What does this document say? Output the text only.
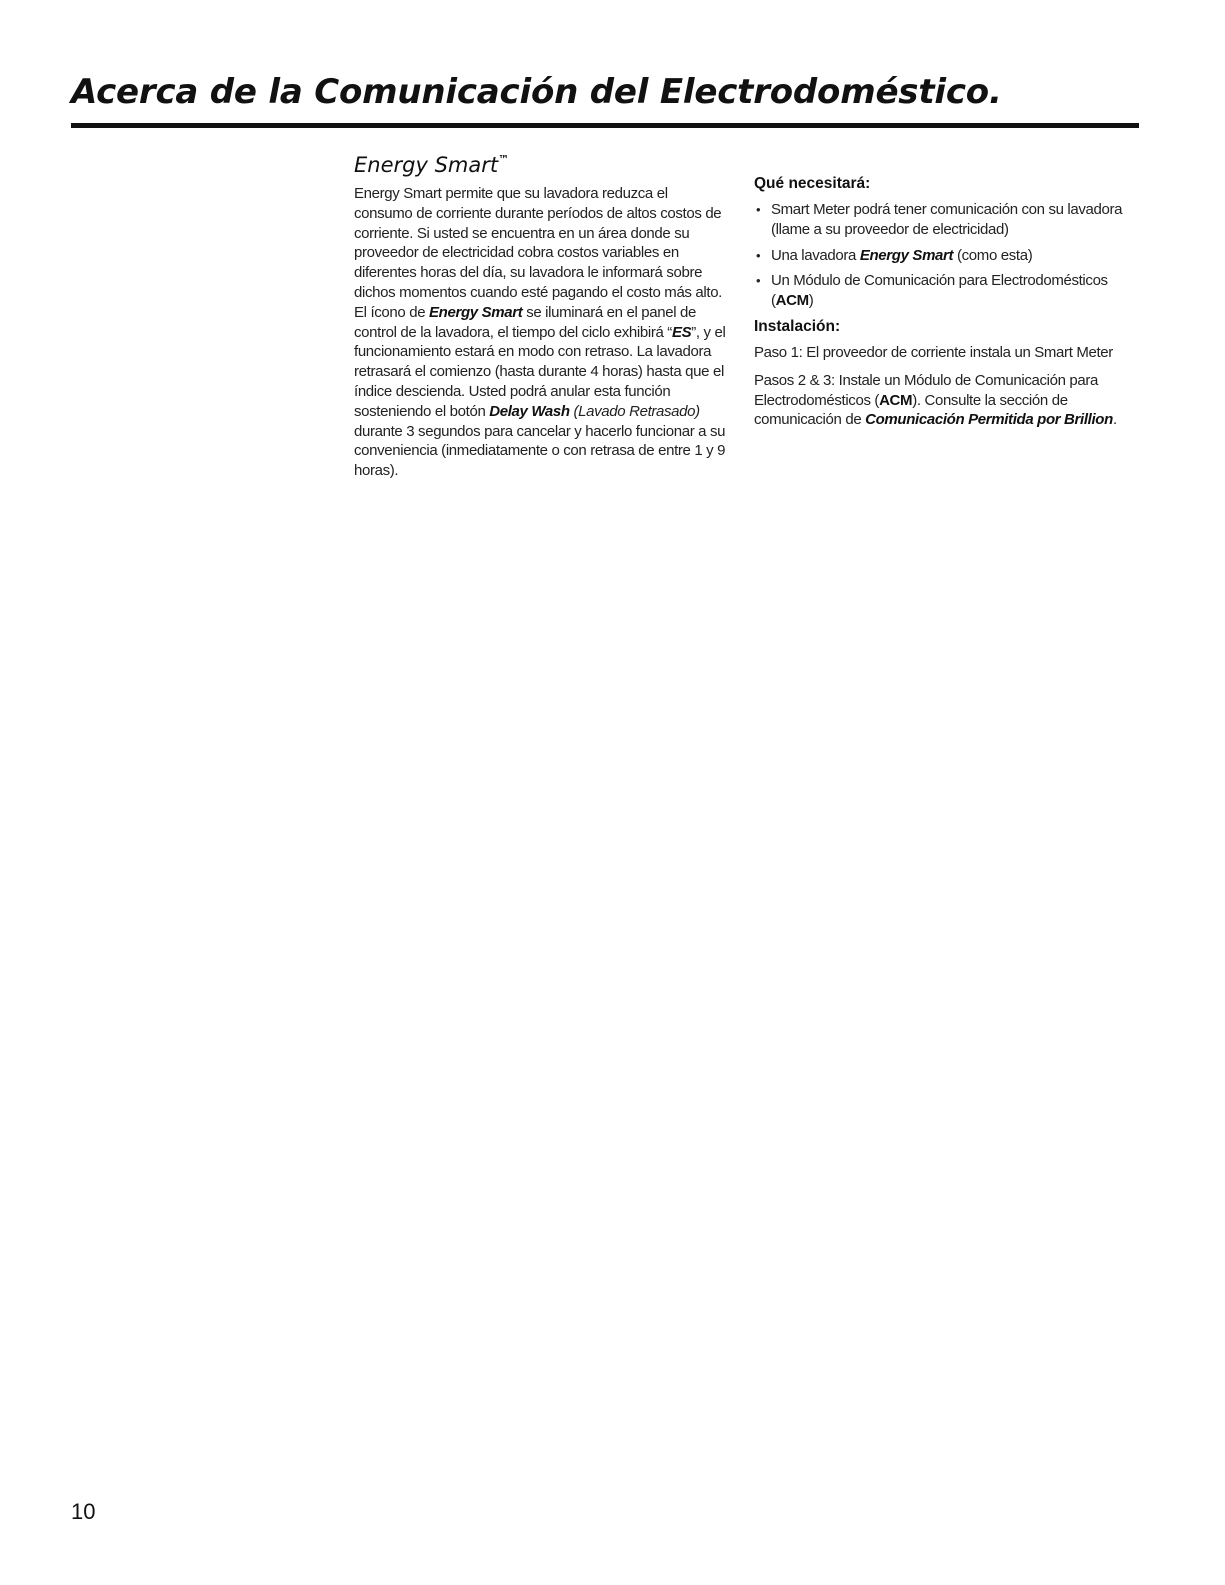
Acerca de la Comunicación del Electrodoméstico.
Energy Smart™

Energy Smart permite que su lavadora reduzca el consumo de corriente durante períodos de altos costos de corriente. Si usted se encuentra en un área donde su proveedor de electricidad cobra costos variables en diferentes horas del día, su lavadora le informará sobre dichos momentos cuando esté pagando el costo más alto. El ícono de Energy Smart se iluminará en el panel de control de la lavadora, el tiempo del ciclo exhibirá “ES”, y el funcionamiento estará en modo con retraso. La lavadora retrasará el comienzo (hasta durante 4 horas) hasta que el índice descienda. Usted podrá anular esta función sosteniendo el botón Delay Wash (Lavado Retrasado) durante 3 segundos para cancelar y hacerlo funcionar a su conveniencia (inmediatamente o con retrasa de entre 1 y 9 horas).

Qué necesitará:
• Smart Meter podrá tener comunicación con su lavadora (llame a su proveedor de electricidad)
• Una lavadora Energy Smart (como esta)
• Un Módulo de Comunicación para Electrodomésticos (ACM)
Instalación:

Paso 1: El proveedor de corriente instala un Smart Meter

Pasos 2 & 3: Instale un Módulo de Comunicación para Electrodomésticos (ACM). Consulte la sección de comunicación de Comunicación Permitida por Brillion.

10
